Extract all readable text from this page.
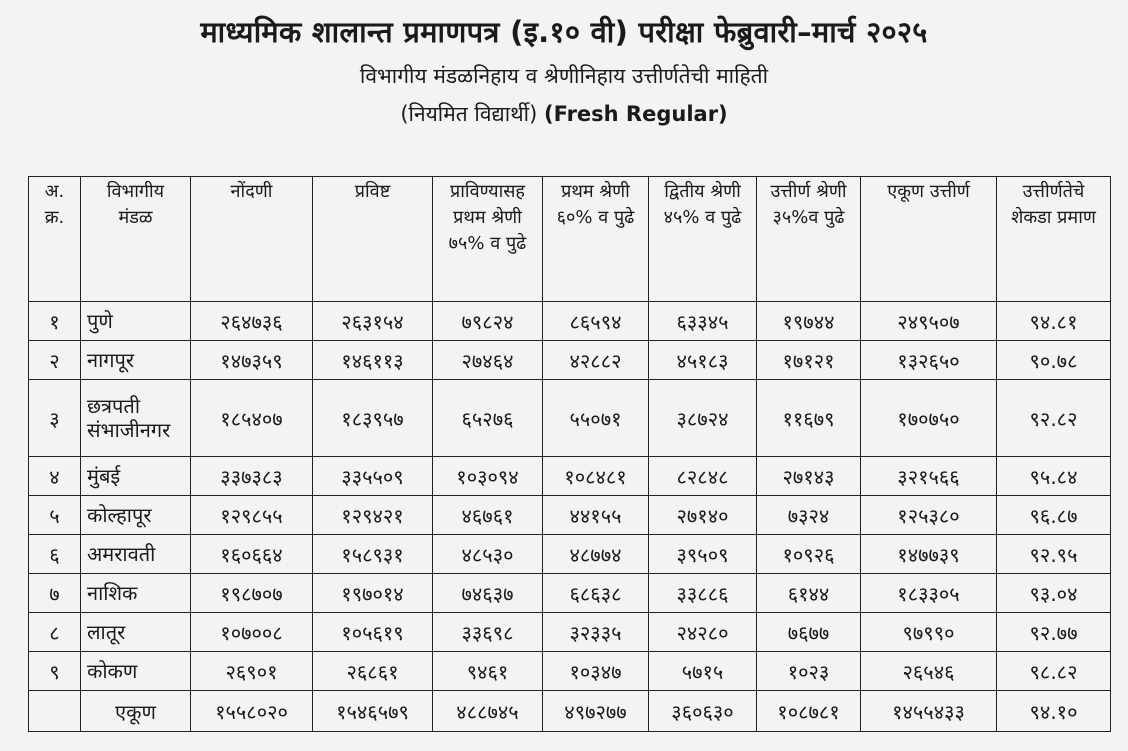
माध्यमिक शालान्त प्रमाणपत्र (इ.१० वी) परीक्षा फेब्रुवारी–मार्च २०२५
विभागीय मंडळनिहाय व श्रेणीनिहाय उत्तीर्णतेची माहिती
(नियमित विद्यार्थी) (Fresh Regular)
अ. क्र.	विभागीय मंडळ	नोंदणी	प्रविष्ट	प्राविण्यासह प्रथम श्रेणी ७५% व पुढे	प्रथम श्रेणी ६०% व पुढे	द्वितीय श्रेणी ४५% व पुढे	उत्तीर्ण श्रेणी ३५%व पुढे	एकूण उत्तीर्ण	उत्तीर्णतेचे शेकडा प्रमाण
१	पुणे	२६४७३६	२६३१५४	७९८२४	८६५९४	६३३४५	१९७४४	२४९५०७	९४.८१
२	नागपूर	१४७३५९	१४६११३	२७४६४	४२८८२	४५१८३	१७१२१	१३२६५०	९०.७८
३	छत्रपती संभाजीनगर	१८५४०७	१८३९५७	६५२७६	५५०७१	३८७२४	११६७९	१७०७५०	९२.८२
४	मुंबई	३३७३८३	३३५५०९	१०३०९४	१०८४८१	८२८४८	२७१४३	३२१५६६	९५.८४
५	कोल्हापूर	१२९८५५	१२९४२१	४६७६१	४४१५५	२७१४०	७३२४	१२५३८०	९६.८७
६	अमरावती	१६०६६४	१५८९३१	४८५३०	४८७७४	३९५०९	१०९२६	१४७७३९	९२.९५
७	नाशिक	१९८७०७	१९७०१४	७४६३७	६८६३८	३३८८६	६१४४	१८३३०५	९३.०४
८	लातूर	१०७००८	१०५६१९	३३६९८	३२३३५	२४२८०	७६७७	९७९९०	९२.७७
९	कोकण	२६९०१	२६८६१	९४६१	१०३४७	५७१५	१०२३	२६५४६	९८.८२
	एकूण	१५५८०२०	१५४६५७९	४८८७४५	४९७२७७	३६०६३०	१०८७८१	१४५५४३३	९४.१०
